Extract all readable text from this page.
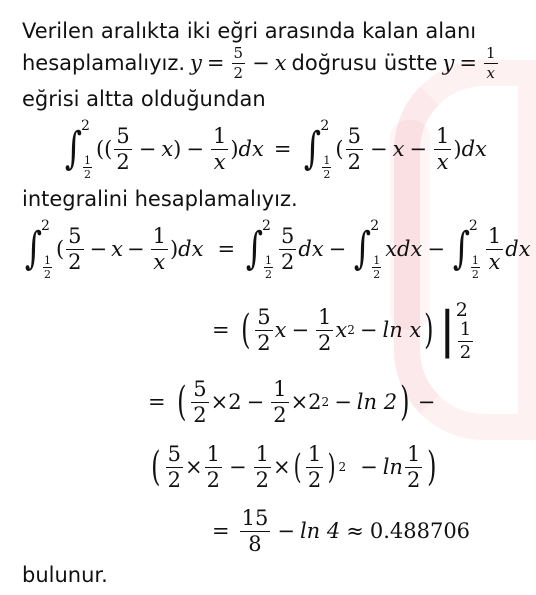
Verilen aralıkta iki eğri arasında kalan alanı
hesaplamalıyız. $y = \frac{5}{2} - x$ doğrusu üstte $y = \frac{1}{x}$
eğrisi altta olduğundan
∫
2
$\frac{1}{2}$
(( $\frac{5}{2} - x$ ) − $\frac{1}{x}$ ) dx = ∫
2
$\frac{1}{2}$
( $\frac{5}{2} - x - \frac{1}{x}$ ) dx
integralini hesaplamalıyız.
∫
2
$\frac{1}{2}$
( $\frac{5}{2} - x - \frac{1}{x}$ ) dx = ∫
2
$\frac{1}{2} \frac{5}{2}$ dx − ∫
2
$\frac{1}{2}$
xdx − ∫
2
$\frac{1}{2} \frac{1}{x}$ dx
= ( $\frac{5}{2}$ $x - \frac{1}{2}$ x 2 − ln x ) | 2
$\frac{1}{2}$
= ( $\frac{5}{2} \times 2 - \frac{1}{2} \times 2$ 2 − ln 2 ) −
( $\frac{5}{2} \times \frac{1}{2} - \frac{1}{2}$ × ( $\frac{1}{2}$ ) $2 - \ln \frac{1}{2}$ )
= $\frac{15}{8} - \ln 4 \approx 0.488706$
bulunur.
